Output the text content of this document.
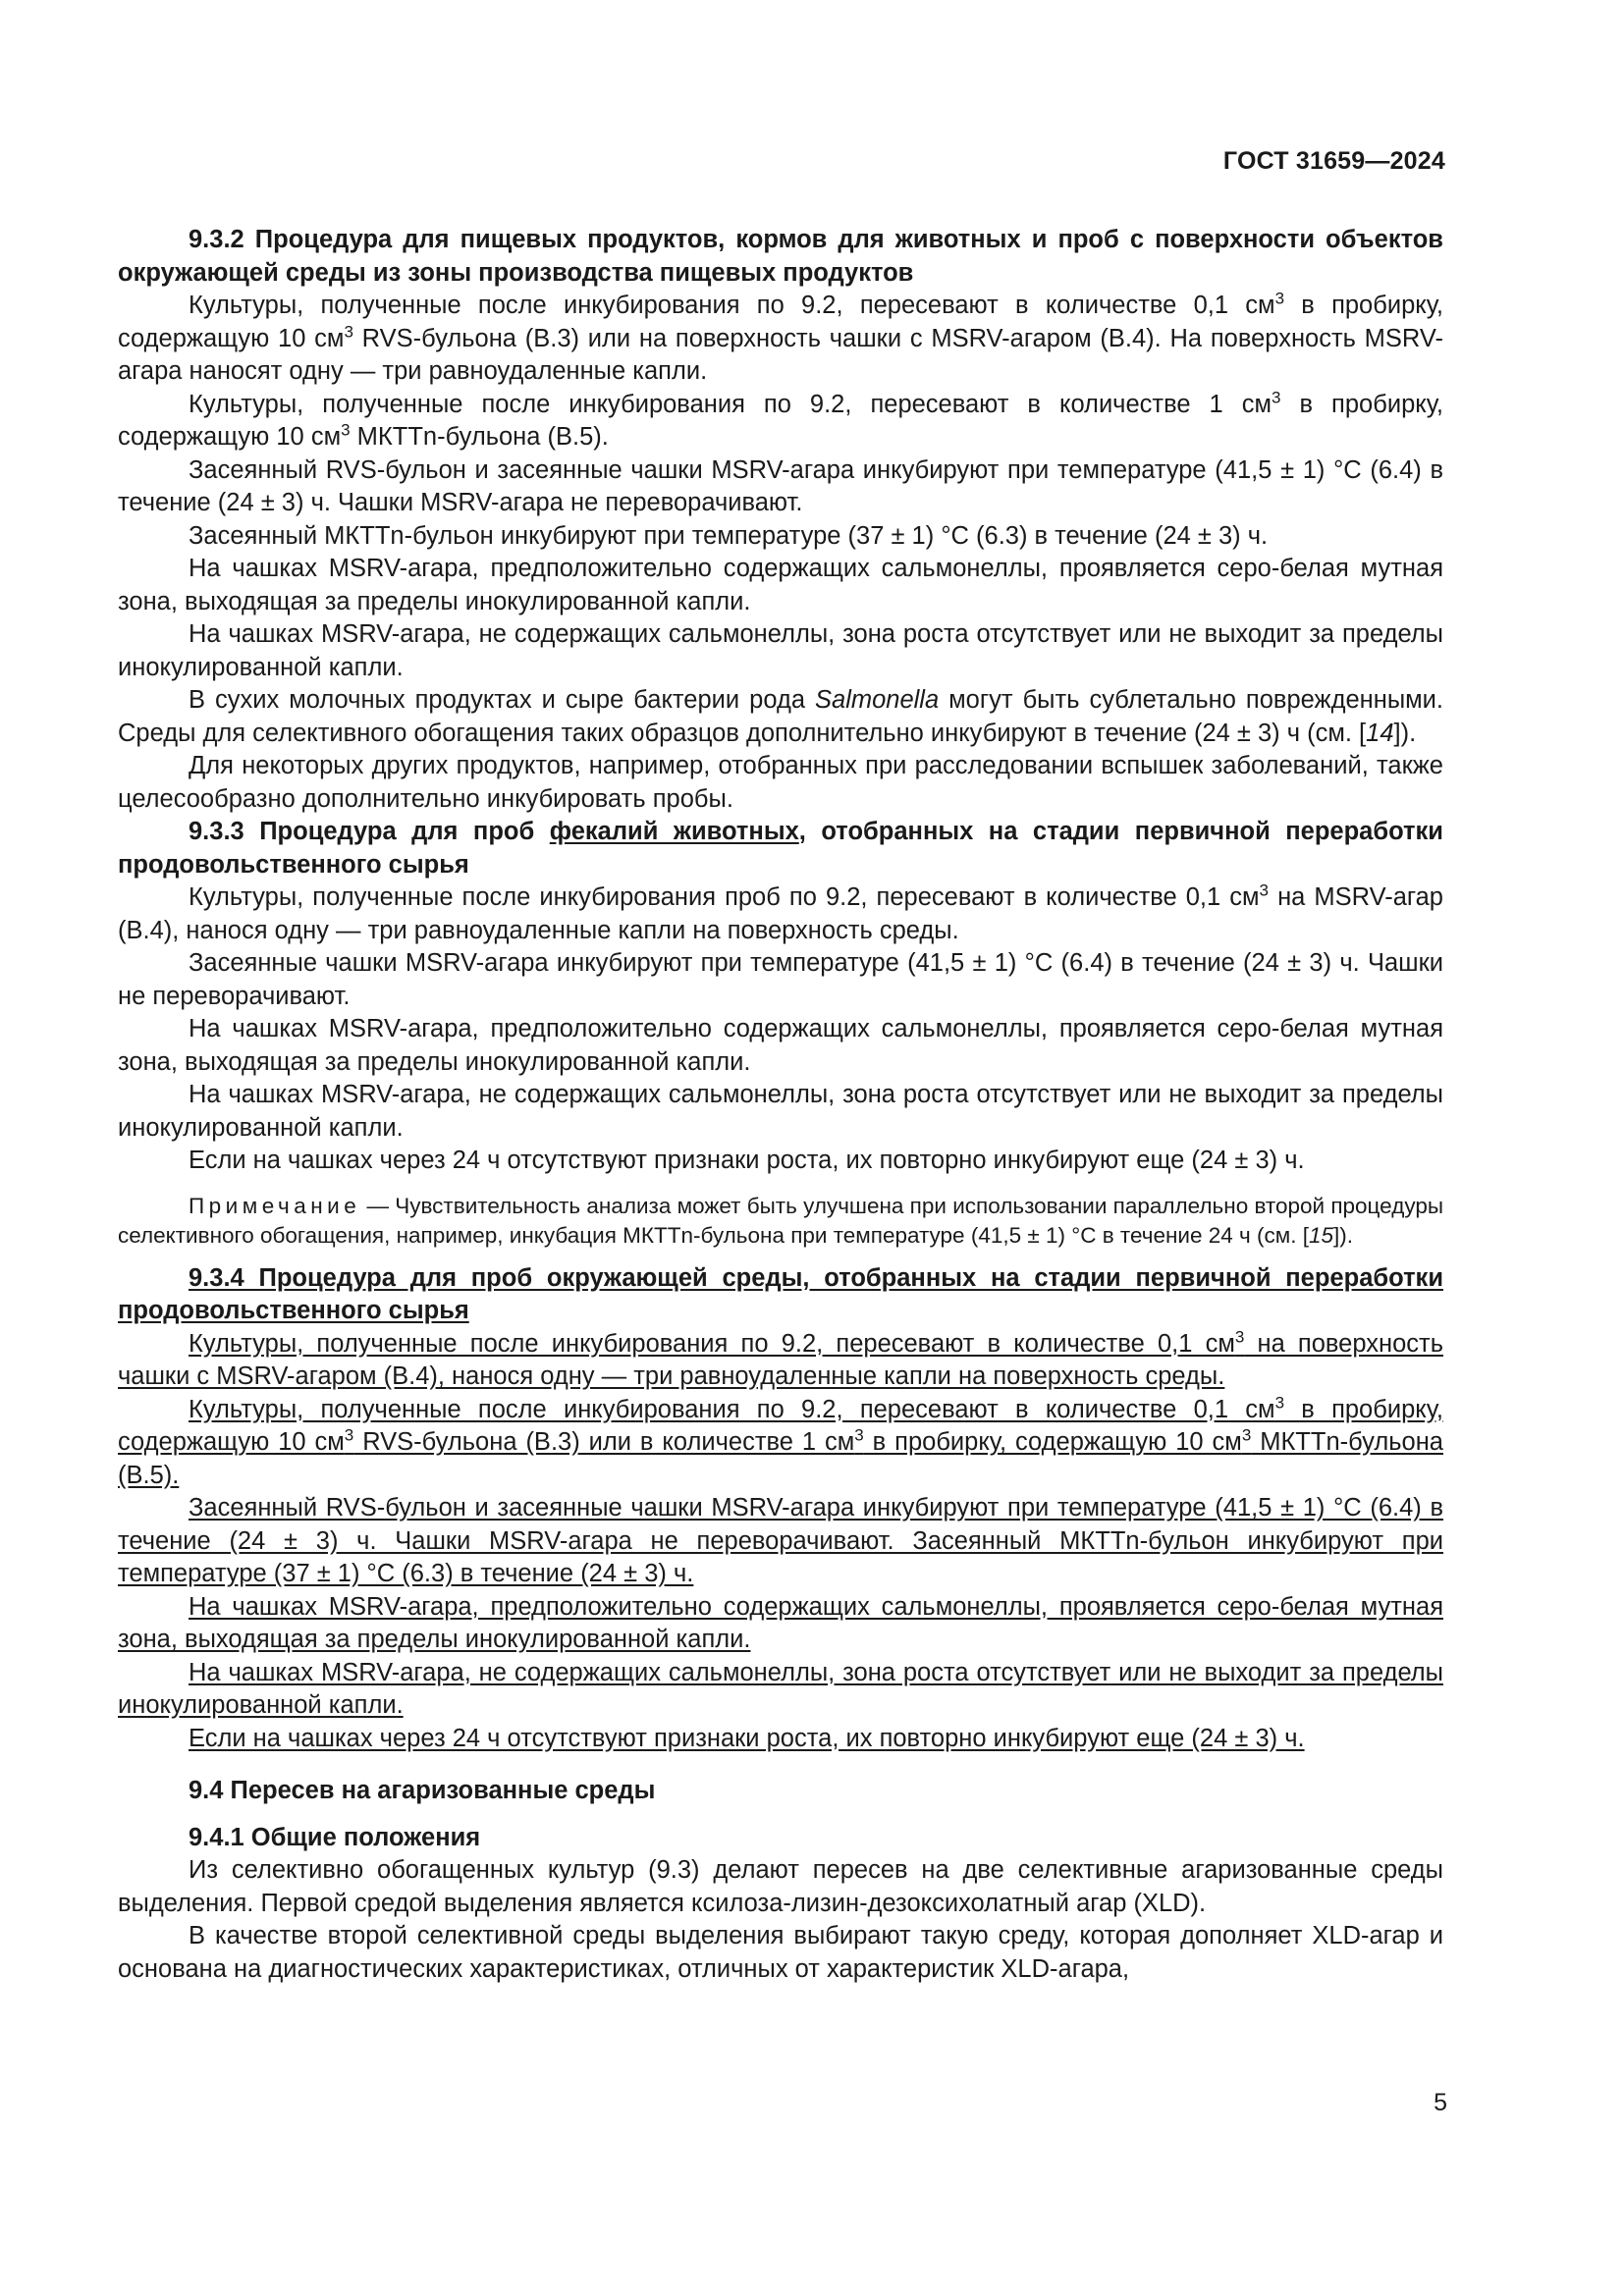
ГОСТ 31659—2024

9.3.2 Процедура для пищевых продуктов, кормов для животных и проб с поверхности объектов окружающей среды из зоны производства пищевых продуктов

Культуры, полученные после инкубирования по 9.2, пересевают в количестве 0,1 $см^3$ в пробирку, содержащую 10 $см^3$ RVS-бульона (В.3) или на поверхность чашки с MSRV-агаром (В.4). На поверхность MSRV-агара наносят одну — три равноудаленные капли.

Культуры, полученные после инкубирования по 9.2, пересевают в количестве 1 $см^3$ в пробирку, содержащую 10 $см^3$ МКТТn-бульона (В.5).

Засеянный RVS-бульон и засеянные чашки MSRV-агара инкубируют при температуре (41,5 ± 1) °С (6.4) в течение (24 ± 3) ч. Чашки MSRV-агара не переворачивают.

Засеянный МКТТn-бульон инкубируют при температуре (37 ± 1) °С (6.3) в течение (24 ± 3) ч.

На чашках MSRV-агара, предположительно содержащих сальмонеллы, проявляется серо-белая мутная зона, выходящая за пределы инокулированной капли.

На чашках MSRV-агара, не содержащих сальмонеллы, зона роста отсутствует или не выходит за пределы инокулированной капли.

В сухих молочных продуктах и сыре бактерии рода Salmonella могут быть сублетально поврежденными. Среды для селективного обогащения таких образцов дополнительно инкубируют в течение (24 ± 3) ч (см. [14]).

Для некоторых других продуктов, например, отобранных при расследовании вспышек заболеваний, также целесообразно дополнительно инкубировать пробы.

9.3.3 Процедура для проб фекалий животных, отобранных на стадии первичной переработки продовольственного сырья

Культуры, полученные после инкубирования проб по 9.2, пересевают в количестве 0,1 $см^3$ на MSRV-агар (В.4), нанося одну — три равноудаленные капли на поверхность среды.

Засеянные чашки MSRV-агара инкубируют при температуре (41,5 ± 1) °С (6.4) в течение (24 ± 3) ч. Чашки не переворачивают.

На чашках MSRV-агара, предположительно содержащих сальмонеллы, проявляется серо-белая мутная зона, выходящая за пределы инокулированной капли.

На чашках MSRV-агара, не содержащих сальмонеллы, зона роста отсутствует или не выходит за пределы инокулированной капли.

Если на чашках через 24 ч отсутствуют признаки роста, их повторно инкубируют еще (24 ± 3) ч.

Примечание — Чувствительность анализа может быть улучшена при использовании параллельно второй процедуры селективного обогащения, например, инкубация МКТТn-бульона при температуре (41,5 ± 1) °С в течение 24 ч (см. [15]).

9.3.4 Процедура для проб окружающей среды, отобранных на стадии первичной переработки продовольственного сырья

Культуры, полученные после инкубирования по 9.2, пересевают в количестве 0,1 $см^3$ на поверхность чашки с MSRV-агаром (В.4), нанося одну — три равноудаленные капли на поверхность среды.

Культуры, полученные после инкубирования по 9.2, пересевают в количестве 0,1 $см^3$ в пробирку, содержащую 10 $см^3$ RVS-бульона (В.3) или в количестве 1 $см^3$ в пробирку, содержащую 10 $см^3$ МКТТn-бульона (В.5).

Засеянный RVS-бульон и засеянные чашки MSRV-агара инкубируют при температуре (41,5 ± 1) °С (6.4) в течение (24 ± 3) ч. Чашки MSRV-агара не переворачивают. Засеянный МКТТn-бульон инкубируют при температуре (37 ± 1) °С (6.3) в течение (24 ± 3) ч.

На чашках MSRV-агара, предположительно содержащих сальмонеллы, проявляется серо-белая мутная зона, выходящая за пределы инокулированной капли.

На чашках MSRV-агара, не содержащих сальмонеллы, зона роста отсутствует или не выходит за пределы инокулированной капли.

Если на чашках через 24 ч отсутствуют признаки роста, их повторно инкубируют еще (24 ± 3) ч.

9.4 Пересев на агаризованные среды

9.4.1 Общие положения

Из селективно обогащенных культур (9.3) делают пересев на две селективные агаризованные среды выделения. Первой средой выделения является ксилоза-лизин-дезоксихолатный агар (XLD).

В качестве второй селективной среды выделения выбирают такую среду, которая дополняет XLD-агар и основана на диагностических характеристиках, отличных от характеристик XLD-агара,

5
